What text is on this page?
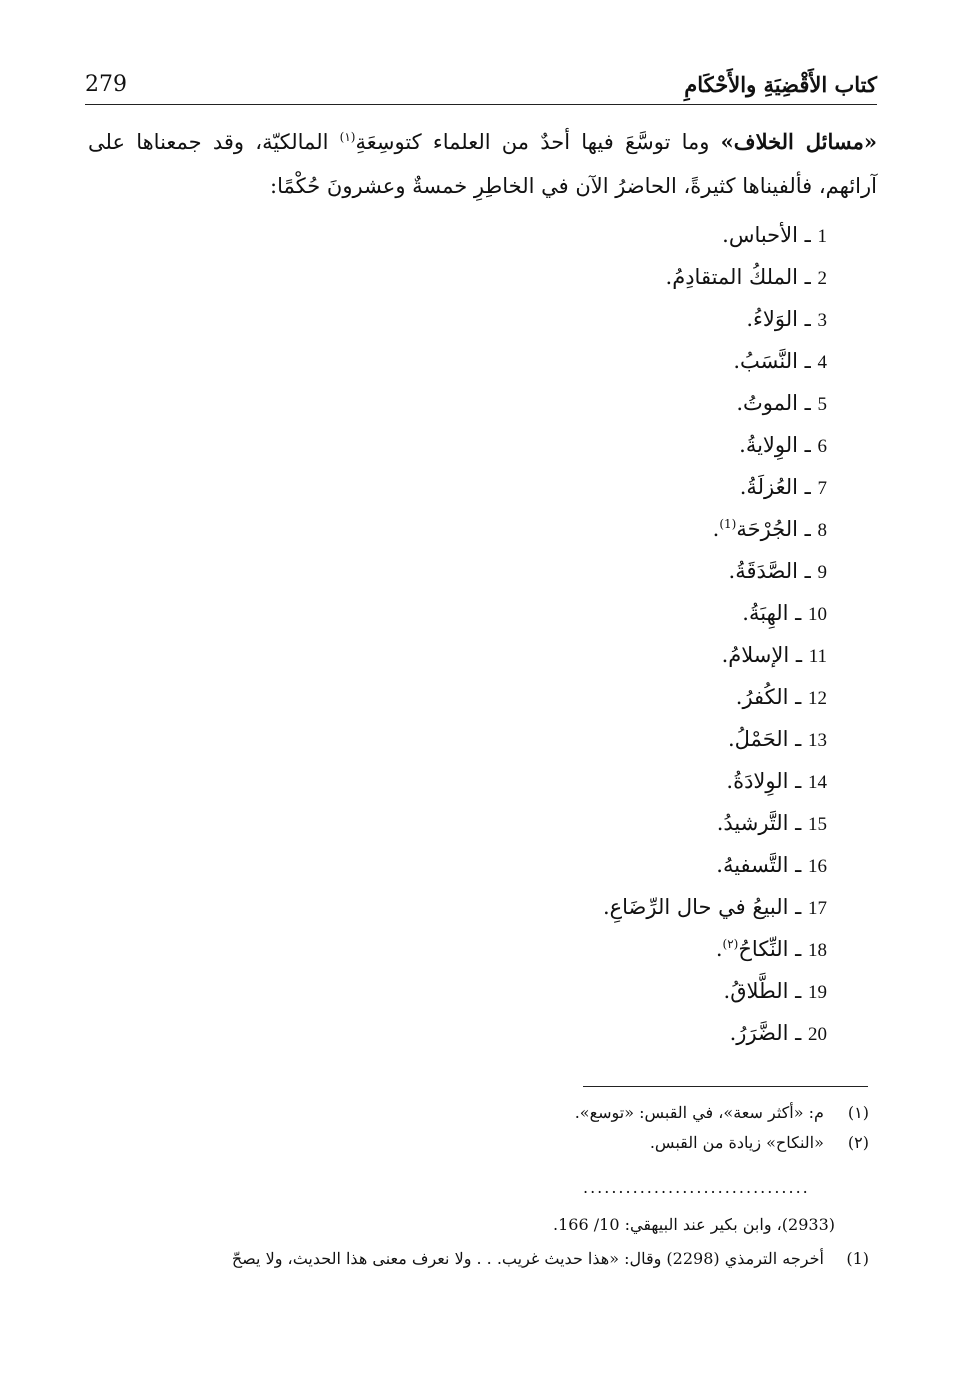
279	كتاب الأَقْضِيَةِ والأَحْكَامِ
«مسائل الخلاف» وما توسَّعَ فيها أحدٌ من العلماء كتوسِعَةِ$^{(١)}$ المالكيّة، وقد جمعناها على آرائهم، فألفيناها كثيرةً، الحاضرُ الآن في الخاطِرِ خمسةٌ وعشرونَ حُكْمًا:
1 ـ الأحباس.
2 ـ الملكُ المتقادِمُ.
3 ـ الوَلاءُ.
4 ـ النَّسَبُ.
5 ـ الموتُ.
6 ـ الوِلايةُ.
7 ـ العُزلَةُ.
8 ـ الجُرْحَة$^{(1)}$.
9 ـ الصَّدَقَةُ.
10 ـ الهِبَةُ.
11 ـ الإسلامُ.
12 ـ الكُفرُ.
13 ـ الحَمْلُ.
14 ـ الوِلادَةُ.
15 ـ التَّرشيدُ.
16 ـ التَّسفيهُ.
17 ـ البيعُ في حال الرِّضَاعِ.
18 ـ النِّكاحُ$^{(٢)}$.
19 ـ الطَّلاقُ.
20 ـ الضَّرَرُ.
(١) م: «أكثر سعة»، في القبس: «توسع».
(٢) «النكاح» زيادة من القبس.
................................
(2933)، وابن بكير عند البيهقي: 10/ 166.
(1) أخرجه الترمذي (2298) وقال: «هذا حديث غريب. . . ولا نعرف معنى هذا الحديث، ولا يصحّ
